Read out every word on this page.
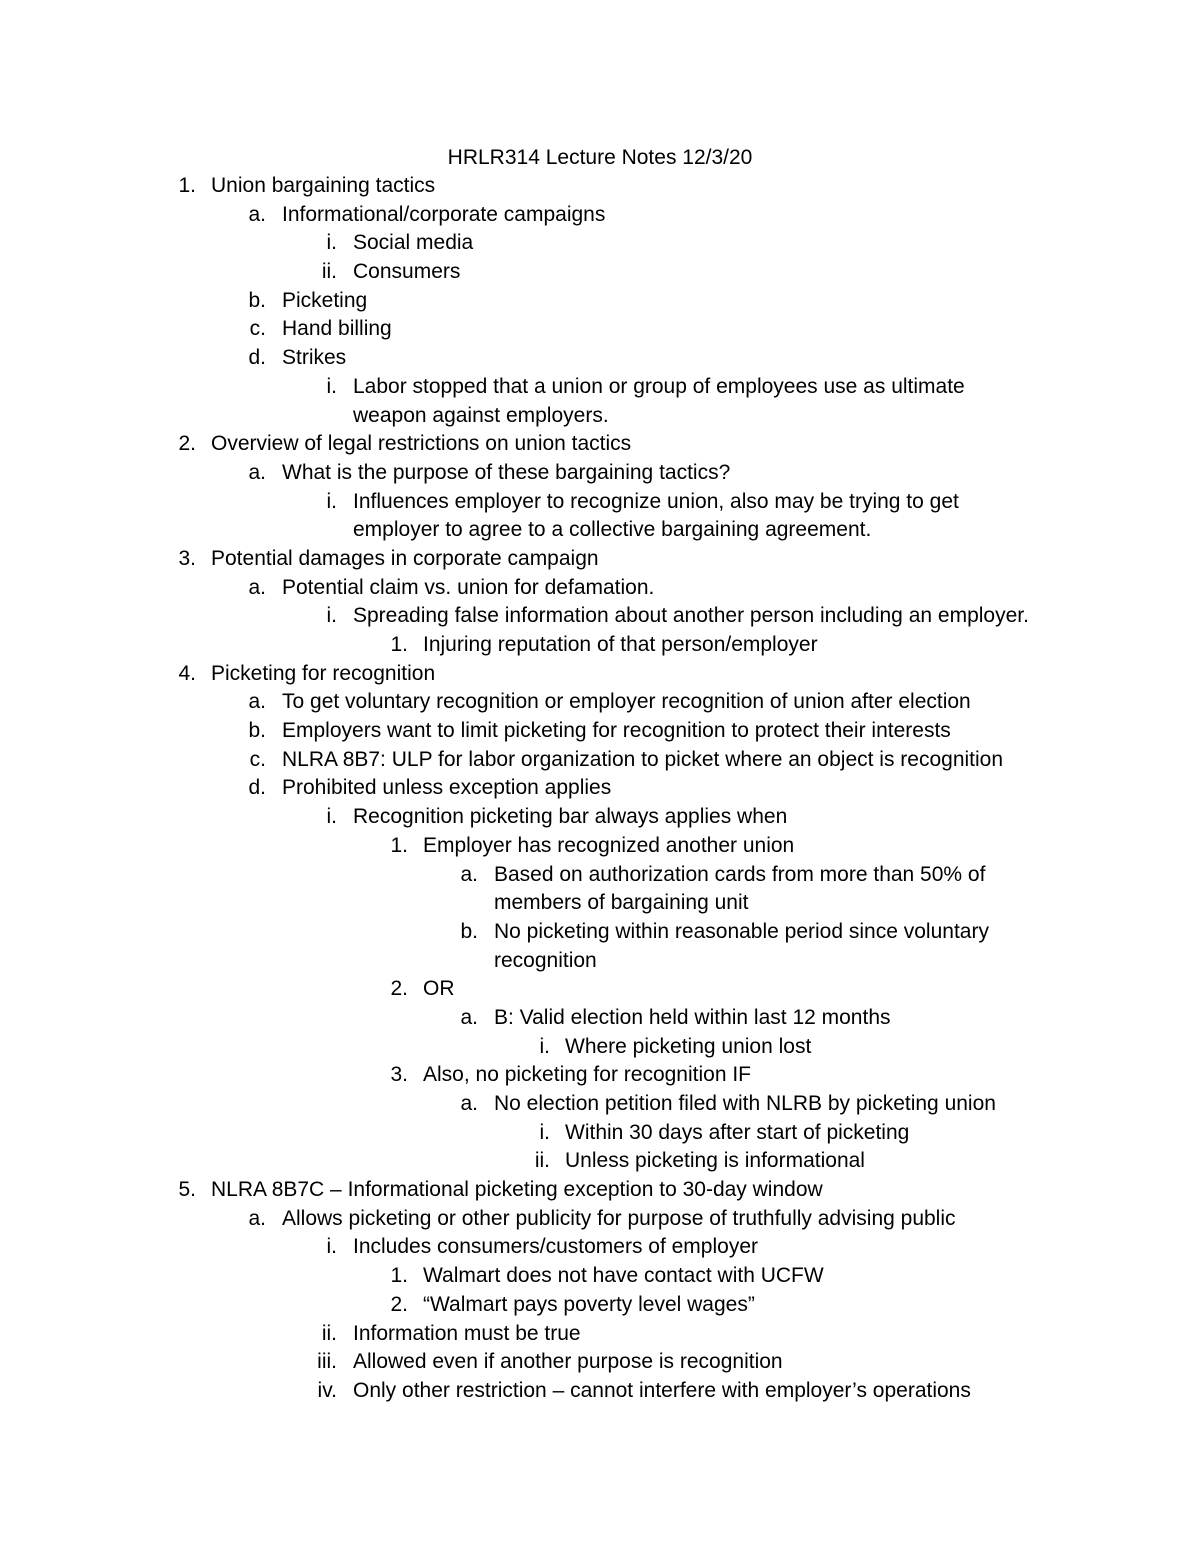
HRLR314 Lecture Notes 12/3/20
1. Union bargaining tactics
a. Informational/corporate campaigns
i. Social media
ii. Consumers
b. Picketing
c. Hand billing
d. Strikes
i. Labor stopped that a union or group of employees use as ultimate
weapon against employers.
2. Overview of legal restrictions on union tactics
a. What is the purpose of these bargaining tactics?
i. Influences employer to recognize union, also may be trying to get
employer to agree to a collective bargaining agreement.
3. Potential damages in corporate campaign
a. Potential claim vs. union for defamation.
i. Spreading false information about another person including an employer.
1. Injuring reputation of that person/employer
4. Picketing for recognition
a. To get voluntary recognition or employer recognition of union after election
b. Employers want to limit picketing for recognition to protect their interests
c. NLRA 8B7: ULP for labor organization to picket where an object is recognition
d. Prohibited unless exception applies
i. Recognition picketing bar always applies when
1. Employer has recognized another union
a. Based on authorization cards from more than 50% of
members of bargaining unit
b. No picketing within reasonable period since voluntary
recognition
2. OR
a. B: Valid election held within last 12 months
i. Where picketing union lost
3. Also, no picketing for recognition IF
a. No election petition filed with NLRB by picketing union
i. Within 30 days after start of picketing
ii. Unless picketing is informational
5. NLRA 8B7C – Informational picketing exception to 30-day window
a. Allows picketing or other publicity for purpose of truthfully advising public
i. Includes consumers/customers of employer
1. Walmart does not have contact with UCFW
2. “Walmart pays poverty level wages”
ii. Information must be true
iii. Allowed even if another purpose is recognition
iv. Only other restriction – cannot interfere with employer’s operations
